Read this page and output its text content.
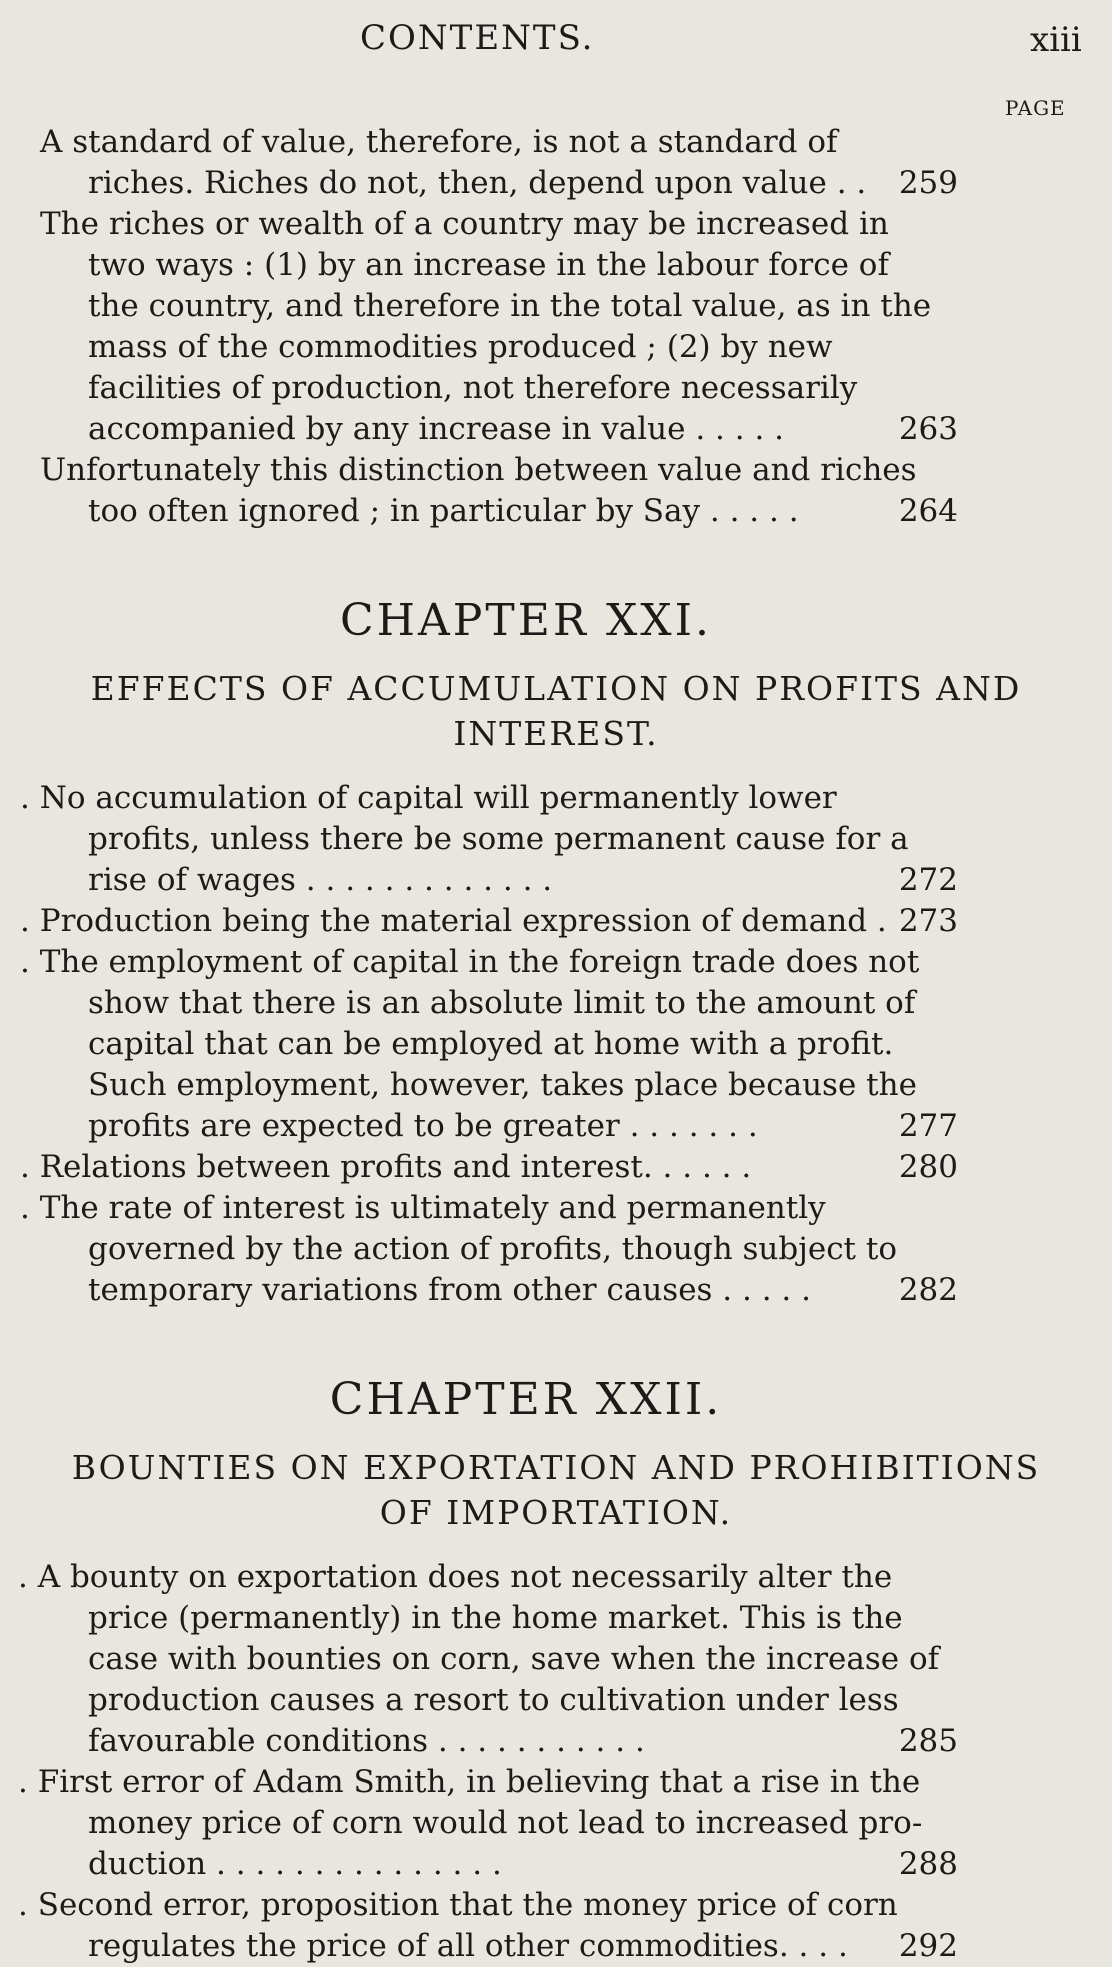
CONTENTS.	xiii
PAGE
A standard of value, therefore, is not a standard of
riches. Riches do not, then, depend upon value . . 259
The riches or wealth of a country may be increased in
two ways : (1) by an increase in the labour force of
the country, and therefore in the total value, as in the
mass of the commodities produced ; (2) by new
facilities of production, not therefore necessarily
accompanied by any increase in value . . . . .	263
Unfortunately this distinction between value and riches
too often ignored ; in particular by Say . . . . .	264
CHAPTER XXI.
EFFECTS OF ACCUMULATION ON PROFITS AND
INTEREST.
. No accumulation of capital will permanently lower
profits, unless there be some permanent cause for a
rise of wages . . . . . . . . . . . . .	272
. Production being the material expression of demand . 273
. The employment of capital in the foreign trade does not
show that there is an absolute limit to the amount of
capital that can be employed at home with a profit.
Such employment, however, takes place because the
profits are expected to be greater . . . . . . .	277
. Relations between profits and interest. . . . . .	280
. The rate of interest is ultimately and permanently
governed by the action of profits, though subject to
temporary variations from other causes . . . . .	282
CHAPTER XXII.
BOUNTIES ON EXPORTATION AND PROHIBITIONS
OF IMPORTATION.
. A bounty on exportation does not necessarily alter the
price (permanently) in the home market. This is the
case with bounties on corn, save when the increase of
production causes a resort to cultivation under less
favourable conditions . . . . . . . . . . .	285
. First error of Adam Smith, in believing that a rise in the
money price of corn would not lead to increased pro-
duction . . . . . . . . . . . . . . .	288
. Second error, proposition that the money price of corn
regulates the price of all other commodities. . . . 292
